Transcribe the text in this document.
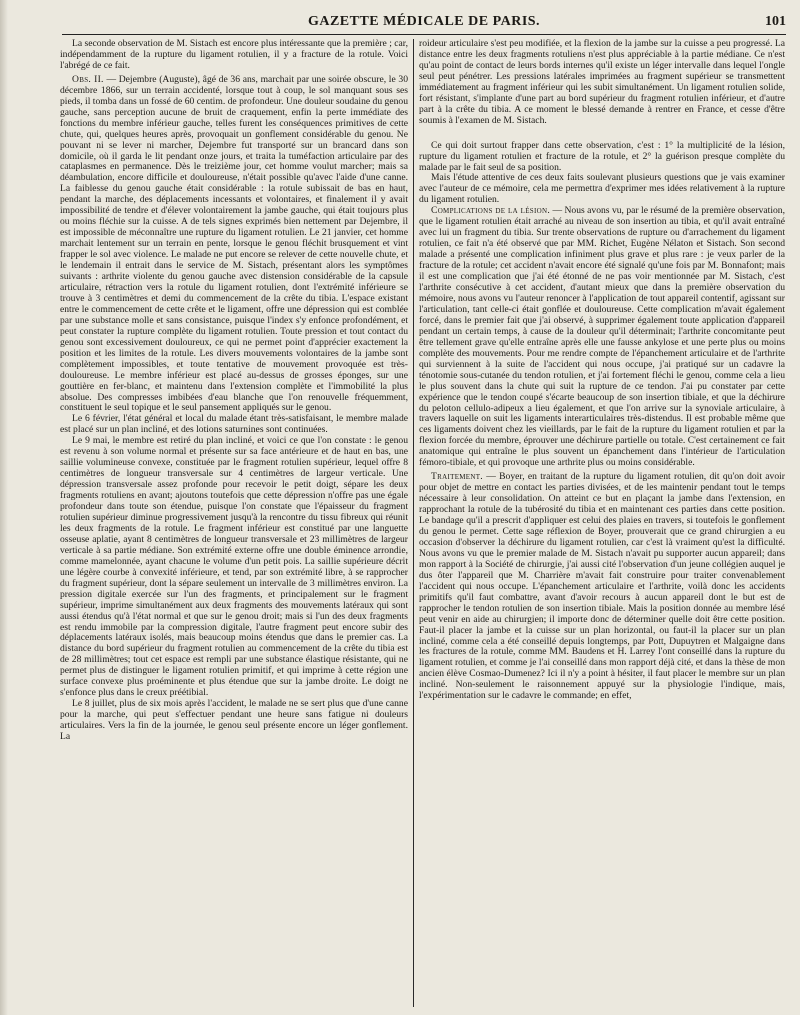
GAZETTE MÉDICALE DE PARIS.	101

La seconde observation de M. Sistach est encore plus intéressante que la première ; car, indépendamment de la rupture du ligament rotulien, il y a fracture de la rotule. Voici l'abrégé de ce fait.

Obs. II. — Dejembre (Auguste), âgé de 36 ans, marchait par une soirée obscure, le 30 décembre 1866, sur un terrain accidenté, lorsque tout à coup, le sol manquant sous ses pieds, il tomba dans un fossé de 60 centim. de profondeur. Une douleur soudaine du genou gauche, sans perception aucune de bruit de craquement, enfin la perte immédiate des fonctions du membre inférieur gauche, telles furent les conséquences primitives de cette chute, qui, quelques heures après, provoquait un gonflement considérable du genou. Ne pouvant ni se lever ni marcher, Dejembre fut transporté sur un brancard dans son domicile, où il garda le lit pendant onze jours, et traita la tuméfaction articulaire par des cataplasmes en permanence. Dès le treizième jour, cet homme voulut marcher; mais sa déambulation, encore difficile et douloureuse, n'était possible qu'avec l'aide d'une canne. La faiblesse du genou gauche était considérable : la rotule subissait de bas en haut, pendant la marche, des déplacements incessants et volontaires, et finalement il y avait impossibilité de tendre et d'élever volontairement la jambe gauche, qui était toujours plus ou moins fléchie sur la cuisse. A de tels signes exprimés bien nettement par Dejembre, il est impossible de méconnaître une rupture du ligament rotulien. Le 21 janvier, cet homme marchait lentement sur un terrain en pente, lorsque le genou fléchit brusquement et vint frapper le sol avec violence. Le malade ne put encore se relever de cette nouvelle chute, et le lendemain il entrait dans le service de M. Sistach, présentant alors les symptômes suivants : arthrite violente du genou gauche avec distension considérable de la capsule articulaire, rétraction vers la rotule du ligament rotulien, dont l'extrémité inférieure se trouve à 3 centimètres et demi du commencement de la crête du tibia. L'espace existant entre le commencement de cette crête et le ligament, offre une dépression qui est comblée par une substance molle et sans consistance, puisque l'index s'y enfonce profondément, et peut constater la rupture complète du ligament rotulien. Toute pression et tout contact du genou sont excessivement douloureux, ce qui ne permet point d'apprécier exactement la position et les limites de la rotule. Les divers mouvements volontaires de la jambe sont complètement impossibles, et toute tentative de mouvement provoquée est très-douloureuse. Le membre inférieur est placé au-dessus de grosses éponges, sur une gouttière en fer-blanc, et maintenu dans l'extension complète et l'immobilité la plus absolue. Des compresses imbibées d'eau blanche que l'on renouvelle fréquemment, constituent le seul topique et le seul pansement appliqués sur le genou.

Le 6 février, l'état général et local du malade étant très-satisfaisant, le membre malade est placé sur un plan incliné, et des lotions saturnines sont continuées.

Le 9 mai, le membre est retiré du plan incliné, et voici ce que l'on constate : le genou est revenu à son volume normal et présente sur sa face antérieure et de haut en bas, une saillie volumineuse convexe, constituée par le fragment rotulien supérieur, lequel offre 8 centimètres de longueur transversale sur 4 centimètres de largeur verticale. Une dépression transversale assez profonde pour recevoir le petit doigt, sépare les deux fragments rotuliens en avant; ajoutons toutefois que cette dépression n'offre pas une égale profondeur dans toute son étendue, puisque l'on constate que l'épaisseur du fragment rotulien supérieur diminue progressivement jusqu'à la rencontre du tissu fibreux qui réunit les deux fragments de la rotule. Le fragment inférieur est constitué par une languette osseuse aplatie, ayant 8 centimètres de longueur transversale et 23 millimètres de largeur verticale à sa partie médiane. Son extrémité externe offre une double éminence arrondie, comme mamelonnée, ayant chacune le volume d'un petit pois. La saillie supérieure décrit une légère courbe à convexité inférieure, et tend, par son extrémité libre, à se rapprocher du fragment supérieur, dont la sépare seulement un intervalle de 3 millimètres environ. La pression digitale exercée sur l'un des fragments, et principalement sur le fragment supérieur, imprime simultanément aux deux fragments des mouvements latéraux qui sont aussi étendus qu'à l'état normal et que sur le genou droit; mais si l'un des deux fragments est rendu immobile par la compression digitale, l'autre fragment peut encore subir des déplacements latéraux isolés, mais beaucoup moins étendus que dans le premier cas. La distance du bord supérieur du fragment rotulien au commencement de la crête du tibia est de 28 millimètres; tout cet espace est rempli par une substance élastique résistante, qui ne permet plus de distinguer le ligament rotulien primitif, et qui imprime à cette région une surface convexe plus proéminente et plus étendue que sur la jambe droite. Le doigt ne s'enfonce plus dans le creux préétibial.

Le 8 juillet, plus de six mois après l'accident, le malade ne se sert plus que d'une canne pour la marche, qui peut s'effectuer pendant une heure sans fatigue ni douleurs articulaires. Vers la fin de la journée, le genou seul présente encore un léger gonflement. La

roideur articulaire s'est peu modifiée, et la flexion de la jambe sur la cuisse a peu progressé. La distance entre les deux fragments rotuliens n'est plus appréciable à la partie médiane. Ce n'est qu'au point de contact de leurs bords internes qu'il existe un léger intervalle dans lequel l'ongle seul peut pénétrer. Les pressions latérales imprimées au fragment supérieur se transmettent immédiatement au fragment inférieur qui les subit simultanément. Un ligament rotulien solide, fort résistant, s'implante d'une part au bord supérieur du fragment rotulien inférieur, et d'autre part à la crête du tibia. A ce moment le blessé demande à rentrer en France, et cesse d'être soumis à l'examen de M. Sistach.

Ce qui doit surtout frapper dans cette observation, c'est : 1° la multiplicité de la lésion, rupture du ligament rotulien et fracture de la rotule, et 2° la guérison presque complète du malade par le fait seul de sa position.

Mais l'étude attentive de ces deux faits soulevant plusieurs questions que je vais examiner avec l'auteur de ce mémoire, cela me permettra d'exprimer mes idées relativement à la rupture du ligament rotulien.

Complications de la lésion. — Nous avons vu, par le résumé de la première observation, que le ligament rotulien était arraché au niveau de son insertion au tibia, et qu'il avait entraîné avec lui un fragment du tibia. Sur trente observations de rupture ou d'arrachement du ligament rotulien, ce fait n'a été observé que par MM. Richet, Eugène Nélaton et Sistach. Son second malade a présenté une complication infiniment plus grave et plus rare : je veux parler de la fracture de la rotule; cet accident n'avait encore été signalé qu'une fois par M. Bonnafont; mais il est une complication que j'ai été étonné de ne pas voir mentionnée par M. Sistach, c'est l'arthrite consécutive à cet accident, d'autant mieux que dans la première observation du mémoire, nous avons vu l'auteur renoncer à l'application de tout appareil contentif, agissant sur l'articulation, tant celle-ci était gonflée et douloureuse. Cette complication m'avait également forcé, dans le premier fait que j'ai observé, à supprimer également toute application d'appareil pendant un certain temps, à cause de la douleur qu'il déterminait; l'arthrite concomitante peut être tellement grave qu'elle entraîne après elle une fausse ankylose et une perte plus ou moins complète des mouvements. Pour me rendre compte de l'épanchement articulaire et de l'arthrite qui surviennent à la suite de l'accident qui nous occupe, j'ai pratiqué sur un cadavre la ténotomie sous-cutanée du tendon rotulien, et j'ai fortement fléchi le genou, comme cela a lieu le plus souvent dans la chute qui suit la rupture de ce tendon. J'ai pu constater par cette expérience que le tendon coupé s'écarte beaucoup de son insertion tibiale, et que la déchirure du peloton cellulo-adipeux a lieu également, et que l'on arrive sur la synoviale articulaire, à travers laquelle on suit les ligaments interarticulaires très-distendus. Il est probable même que ces ligaments doivent chez les vieillards, par le fait de la rupture du ligament rotulien et par la flexion forcée du membre, éprouver une déchirure partielle ou totale. C'est certainement ce fait anatomique qui entraîne le plus souvent un épanchement dans l'intérieur de l'articulation fémoro-tibiale, et qui provoque une arthrite plus ou moins considérable.

Traitement. — Boyer, en traitant de la rupture du ligament rotulien, dit qu'on doit avoir pour objet de mettre en contact les parties divisées, et de les maintenir pendant tout le temps nécessaire à leur consolidation. On atteint ce but en plaçant la jambe dans l'extension, en rapprochant la rotule de la tubérosité du tibia et en maintenant ces parties dans cette position. Le bandage qu'il a prescrit d'appliquer est celui des plaies en travers, si toutefois le gonflement du genou le permet. Cette sage réflexion de Boyer, prouverait que ce grand chirurgien a eu occasion d'observer la déchirure du ligament rotulien, car c'est là vraiment qu'est la difficulté. Nous avons vu que le premier malade de M. Sistach n'avait pu supporter aucun appareil; dans mon rapport à la Société de chirurgie, j'ai aussi cité l'observation d'un jeune collégien auquel je dus ôter l'appareil que M. Charrière m'avait fait construire pour traiter convenablement l'accident qui nous occupe. L'épanchement articulaire et l'arthrite, voilà donc les accidents primitifs qu'il faut combattre, avant d'avoir recours à aucun appareil dont le but est de rapprocher le tendon rotulien de son insertion tibiale. Mais la position donnée au membre lésé peut venir en aide au chirurgien; il importe donc de déterminer quelle doit être cette position. Faut-il placer la jambe et la cuisse sur un plan horizontal, ou faut-il la placer sur un plan incliné, comme cela a été conseillé depuis longtemps, par Pott, Dupuytren et Malgaigne dans les fractures de la rotule, comme MM. Baudens et H. Larrey l'ont conseillé dans la rupture du ligament rotulien, et comme je l'ai conseillé dans mon rapport déjà cité, et dans la thèse de mon ancien élève Cosmao-Dumenez? Ici il n'y a point à hésiter, il faut placer le membre sur un plan incliné. Non-seulement le raisonnement appuyé sur la physiologie l'indique, mais, l'expérimentation sur le cadavre le commande; en effet,
